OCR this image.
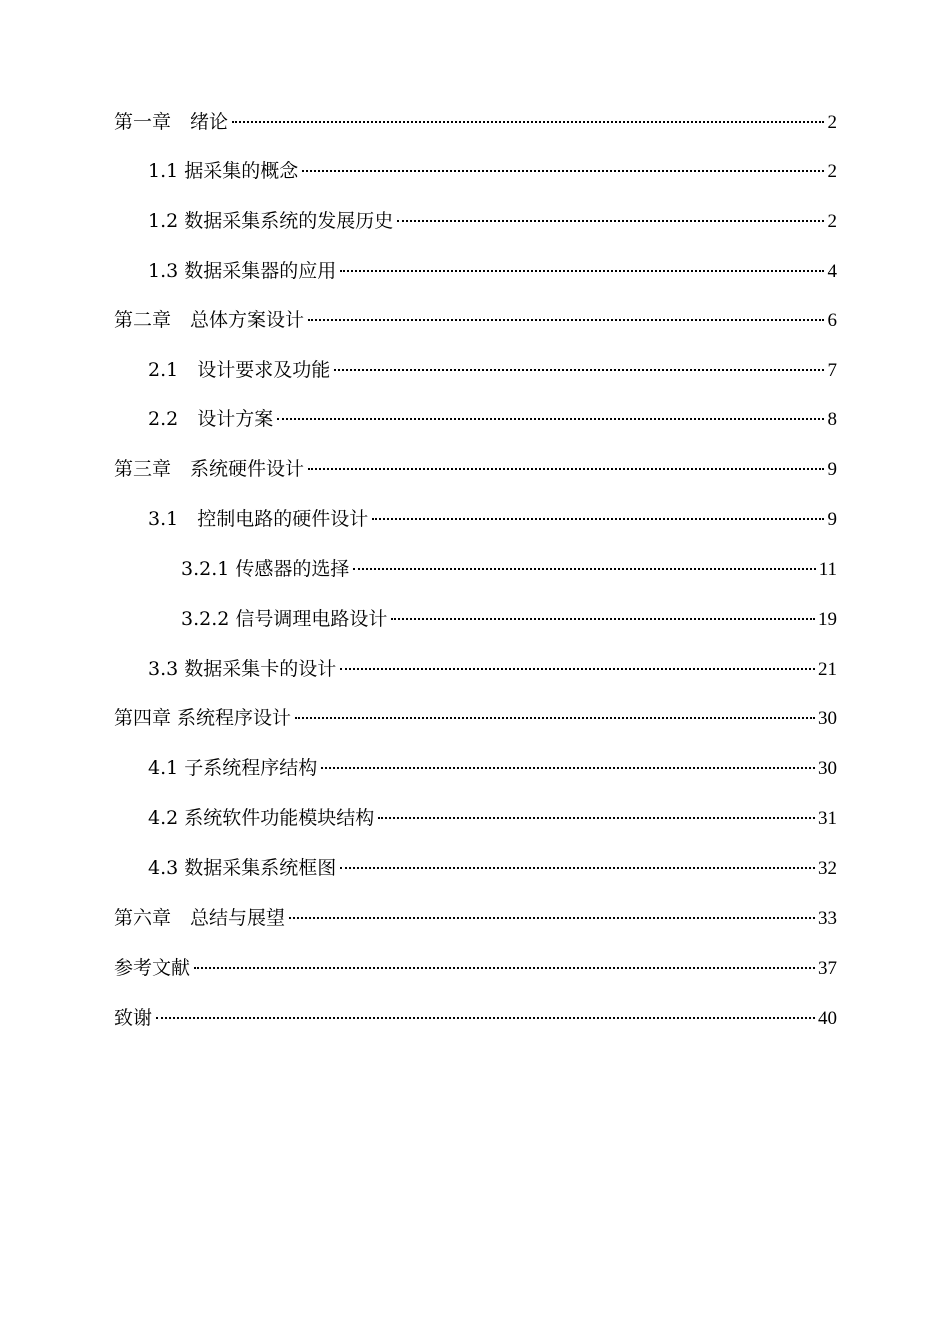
第一章　绪论	2
1.1 据采集的概念	2
1.2 数据采集系统的发展历史	2
1.3 数据采集器的应用	4
第二章　总体方案设计	6
2.1　设计要求及功能	7
2.2　设计方案	8
第三章　系统硬件设计	9
3.1　控制电路的硬件设计	9
3.2.1 传感器的选择	11
3.2.2 信号调理电路设计	19
3.3 数据采集卡的设计	21
第四章 系统程序设计	30
4.1 子系统程序结构	30
4.2 系统软件功能模块结构	31
4.3 数据采集系统框图	32
第六章　总结与展望	33
参考文献	37
致谢	40
